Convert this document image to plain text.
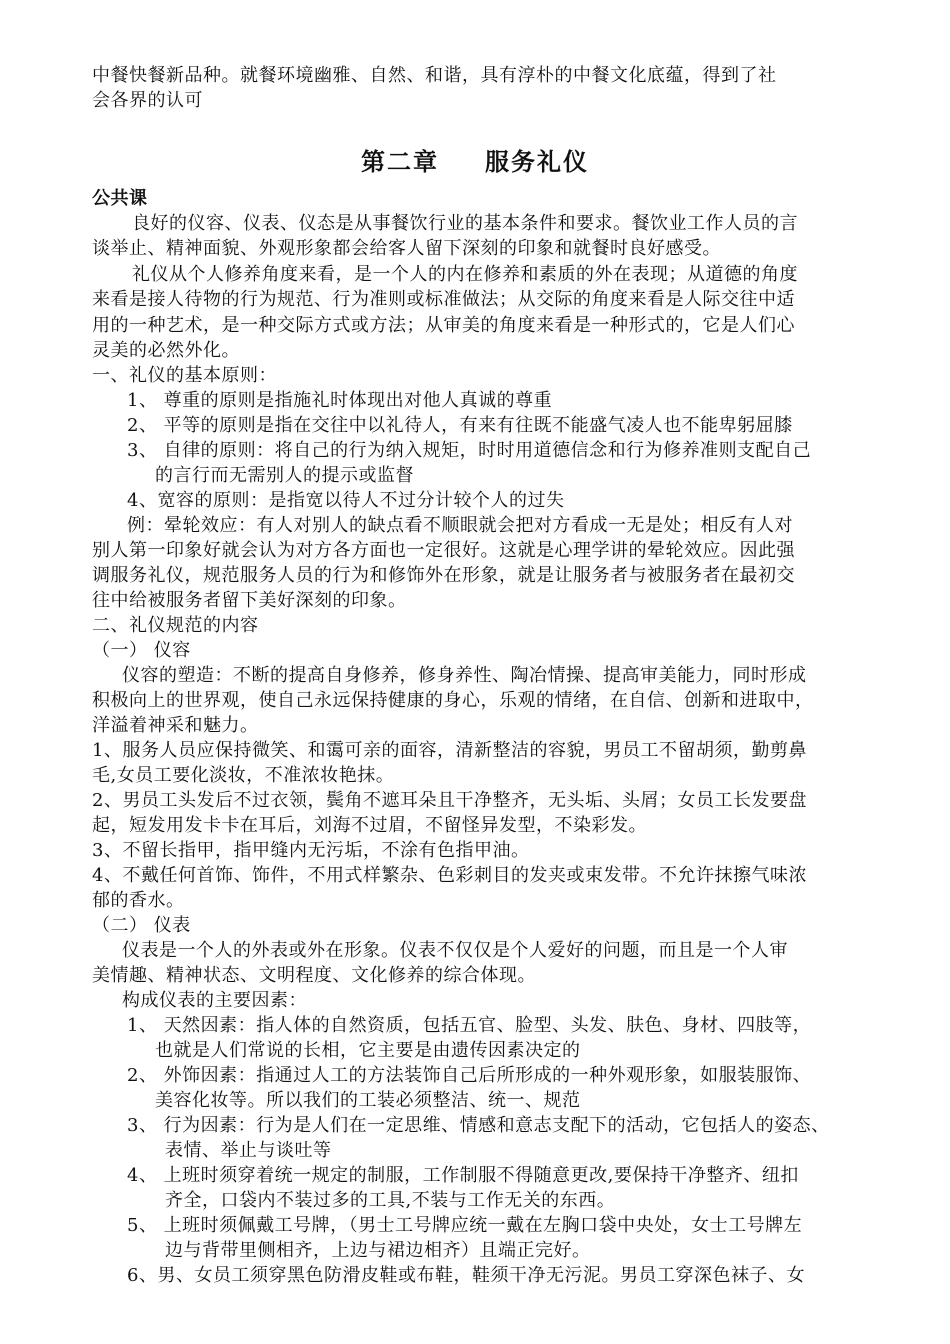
中餐快餐新品种。就餐环境幽雅、自然、和谐，具有淳朴的中餐文化底蕴，得到了社
会各界的认可
第二章 服务礼仪
公共课
良好的仪容、仪表、仪态是从事餐饮行业的基本条件和要求。餐饮业工作人员的言
谈举止、精神面貌、外观形象都会给客人留下深刻的印象和就餐时良好感受。
礼仪从个人修养角度来看，是一个人的内在修养和素质的外在表现；从道德的角度
来看是接人待物的行为规范、行为准则或标准做法；从交际的角度来看是人际交往中适
用的一种艺术，是一种交际方式或方法；从审美的角度来看是一种形式的，它是人们心
灵美的必然外化。
一、礼仪的基本原则：
1、 尊重的原则是指施礼时体现出对他人真诚的尊重
2、 平等的原则是指在交往中以礼待人，有来有往既不能盛气凌人也不能卑躬屈膝
3、 自律的原则：将自己的行为纳入规矩，时时用道德信念和行为修养准则支配自己
的言行而无需别人的提示或监督
4、宽容的原则：是指宽以待人不过分计较个人的过失
例：晕轮效应：有人对别人的缺点看不顺眼就会把对方看成一无是处；相反有人对
别人第一印象好就会认为对方各方面也一定很好。这就是心理学讲的晕轮效应。因此强
调服务礼仪，规范服务人员的行为和修饰外在形象，就是让服务者与被服务者在最初交
往中给被服务者留下美好深刻的印象。
二、礼仪规范的内容
（一） 仪容
仪容的塑造：不断的提高自身修养，修身养性、陶冶情操、提高审美能力，同时形成
积极向上的世界观，使自己永远保持健康的身心，乐观的情绪，在自信、创新和进取中，
洋溢着神采和魅力。
1、服务人员应保持微笑、和霭可亲的面容，清新整洁的容貌，男员工不留胡须，勤剪鼻
毛,女员工要化淡妆，不准浓妆艳抹。
2、男员工头发后不过衣领，鬓角不遮耳朵且干净整齐，无头垢、头屑；女员工长发要盘
起，短发用发卡卡在耳后，刘海不过眉，不留怪异发型，不染彩发。
3、不留长指甲，指甲缝内无污垢，不涂有色指甲油。
4、不戴任何首饰、饰件，不用式样繁杂、色彩刺目的发夹或束发带。不允许抹擦气味浓
郁的香水。
（二） 仪表
仪表是一个人的外表或外在形象。仪表不仅仅是个人爱好的问题，而且是一个人审
美情趣、精神状态、文明程度、文化修养的综合体现。
构成仪表的主要因素：
1、 天然因素：指人体的自然资质，包括五官、脸型、头发、肤色、身材、四肢等，
也就是人们常说的长相，它主要是由遗传因素决定的
2、 外饰因素：指通过人工的方法装饰自己后所形成的一种外观形象，如服装服饰、
美容化妆等。所以我们的工装必须整洁、统一、规范
3、 行为因素：行为是人们在一定思维、情感和意志支配下的活动，它包括人的姿态、
表情、举止与谈吐等
4、 上班时须穿着统一规定的制服，工作制服不得随意更改,要保持干净整齐、纽扣
齐全，口袋内不装过多的工具,不装与工作无关的东西。
5、 上班时须佩戴工号牌，（男士工号牌应统一戴在左胸口袋中央处，女士工号牌左
边与背带里侧相齐，上边与裙边相齐）且端正完好。
6、男、女员工须穿黑色防滑皮鞋或布鞋，鞋须干净无污泥。男员工穿深色袜子、女
